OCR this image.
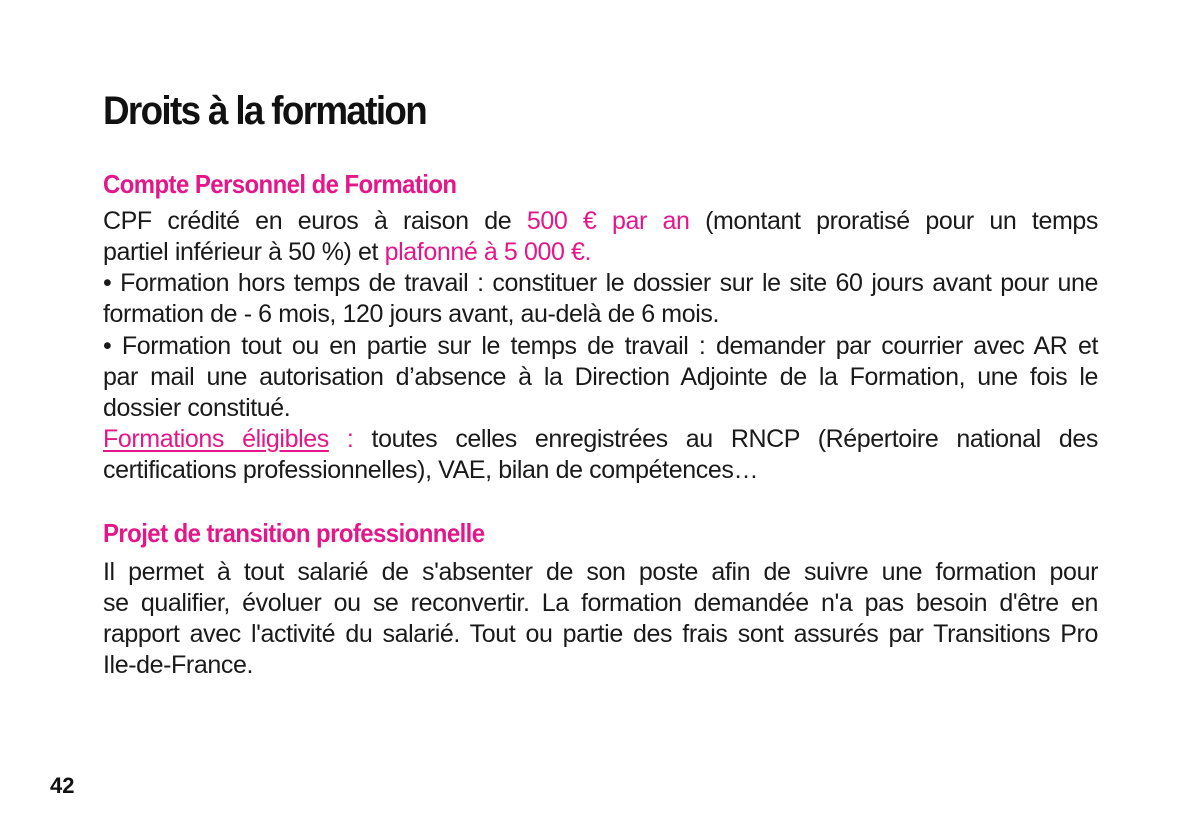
Droits à la formation
Compte Personnel de Formation
CPF crédité en euros à raison de 500 € par an (montant proratisé pour un temps
partiel inférieur à 50 %) et plafonné à 5 000 €.
• Formation hors temps de travail : constituer le dossier sur le site 60 jours avant pour une
formation de - 6 mois, 120 jours avant, au-delà de 6 mois.
• Formation tout ou en partie sur le temps de travail : demander par courrier avec AR et
par mail une autorisation d’absence à la Direction Adjointe de la Formation, une fois le
dossier constitué.
Formations éligibles : toutes celles enregistrées au RNCP (Répertoire national des
certifications professionnelles), VAE, bilan de compétences…
Projet de transition professionnelle
Il permet à tout salarié de s'absenter de son poste afin de suivre une formation pour
se qualifier, évoluer ou se reconvertir. La formation demandée n'a pas besoin d'être en
rapport avec l'activité du salarié. Tout ou partie des frais sont assurés par Transitions Pro
Ile-de-France.
42
